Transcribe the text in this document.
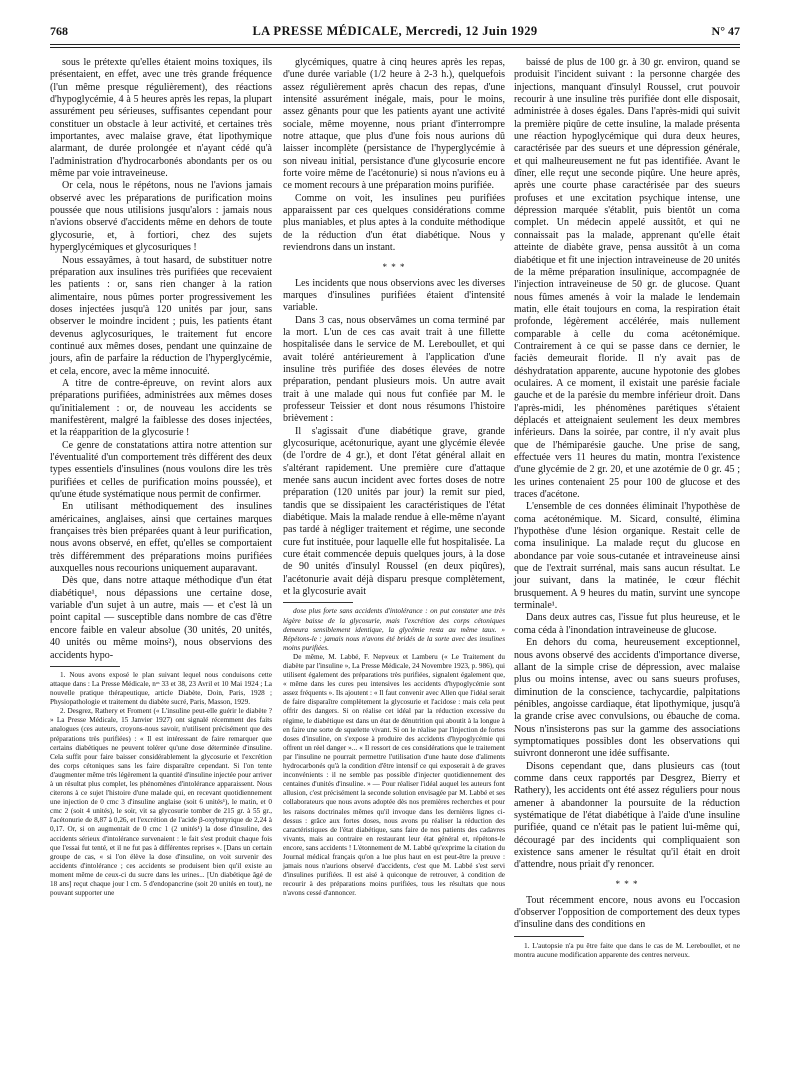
768	LA PRESSE MÉDICALE, Mercredi, 12 Juin 1929	N° 47

sous le prétexte qu'elles étaient moins toxiques, ils présentaient, en effet, avec une très grande fréquence (l'un même presque régulièrement), des réactions d'hypoglycémie, 4 à 5 heures après les repas, la plupart assurément peu sérieuses, suffisantes cependant pour constituer un obstacle à leur activité, et certaines très importantes, avec malaise grave, état lipothymique alarmant, de durée prolongée et n'ayant cédé qu'à l'administration d'hydrocarbonés abondants per os ou même par voie intraveineuse.

Or cela, nous le répétons, nous ne l'avions jamais observé avec les préparations de purification moins poussée que nous utilisions jusqu'alors : jamais nous n'avions observé d'accidents même en dehors de toute glycosurie, et, à fortiori, chez des sujets hyperglycémiques et glycosuriques !

Nous essayâmes, à tout hasard, de substituer notre préparation aux insulines très purifiées que recevaient les patients : or, sans rien changer à la ration alimentaire, nous pûmes porter progressivement les doses injectées jusqu'à 120 unités par jour, sans observer le moindre incident ; puis, les patients étant devenus aglycosuriques, le traitement fut encore continué aux mêmes doses, pendant une quinzaine de jours, afin de parfaire la réduction de l'hyperglycémie, et cela, encore, avec la même innocuité.

A titre de contre-épreuve, on revint alors aux préparations purifiées, administrées aux mêmes doses qu'initialement : or, de nouveau les accidents se manifestèrent, malgré la faiblesse des doses injectées, et la réapparition de la glycosurie !

Ce genre de constatations attira notre attention sur l'éventualité d'un comportement très différent des deux types essentiels d'insulines (nous voulons dire les très purifiées et celles de purification moins poussée), et qu'une étude systématique nous permit de confirmer.

En utilisant méthodiquement des insulines américaines, anglaises, ainsi que certaines marques françaises très bien préparées quant à leur purification, nous avons observé, en effet, qu'elles se comportaient très différemment des préparations moins purifiées auxquelles nous recourions uniquement auparavant.

Dès que, dans notre attaque méthodique d'un état diabétique¹, nous dépassions une certaine dose, variable d'un sujet à un autre, mais — et c'est là un point capital — susceptible dans nombre de cas d'être encore faible en valeur absolue (30 unités, 20 unités, 40 unités ou même moins²), nous observions des accidents hypo-

1. Nous avons exposé le plan suivant lequel nous conduisons cette attaque dans : La Presse Médicale, nᵒˢ 33 et 38, 23 Avril et 10 Mai 1924 ; La nouvelle pratique thérapeutique, article Diabète, Doin, Paris, 1928 ; Physiopathologie et traitement du diabète sucré, Paris, Masson, 1929.

2. Desgrez, Rathery et Froment (« L'insuline peut-elle guérir le diabète ? » La Presse Médicale, 15 Janvier 1927) ont signalé récemment des faits analogues (ces auteurs, croyons-nous savoir, n'utilisent précisément que des préparations très purifiées) : « Il est intéressant de faire remarquer que certains diabétiques ne peuvent tolérer qu'une dose déterminée d'insuline. Cela suffit pour faire baisser considérablement la glycosurie et l'excrétion des corps cétoniques sans les faire disparaître cependant. Si l'on tente d'augmenter même très légèrement la quantité d'insuline injectée pour arriver à un résultat plus complet, les phénomènes d'intolérance apparaissent. Nous citerons à ce sujet l'histoire d'une malade qui, en recevant quotidiennement une injection de 0 cmc 3 d'insuline anglaise (soit 6 unités¹), le matin, et 0 cmc 2 (soit 4 unités), le soir, vit sa glycosurie tomber de 215 gr. à 55 gr., l'acétonurie de 8,87 à 0,26, et l'excrétion de l'acide β-oxybutyrique de 2,24 à 0,17. Or, si on augmentait de 0 cmc 1 (2 unités¹) la dose d'insuline, des accidents sérieux d'intolérance survenaient : le fait s'est produit chaque fois que l'essai fut tenté, et il ne fut pas à différentes reprises ». [Dans un certain groupe de cas, « si l'on élève la dose d'insuline, on voit survenir des accidents d'intolérance ; ces accidents se produisent bien qu'il existe au moment même de ceux-ci du sucre dans les urines... [Un diabétique âgé de 18 ans] reçut chaque jour l cm. 5 d'endopancrine (soit 20 unités en tout), ne pouvant supporter une

glycémiques, quatre à cinq heures après les repas, d'une durée variable (1/2 heure à 2-3 h.), quelquefois assez régulièrement après chacun des repas, d'une intensité assurément inégale, mais, pour le moins, assez gênants pour que les patients ayant une activité sociale, même moyenne, nous priant d'interrompre notre attaque, que plus d'une fois nous aurions dû laisser incomplète (persistance de l'hyperglycémie à son niveau initial, persistance d'une glycosurie encore forte voire même de l'acétonurie) si nous n'avions eu à ce moment recours à une préparation moins purifiée.

Comme on voit, les insulines peu purifiées apparaissent par ces quelques considérations comme plus maniables, et plus aptes à la conduite méthodique de la réduction d'un état diabétique. Nous y reviendrons dans un instant.

* * *

Les incidents que nous observions avec les diverses marques d'insulines purifiées étaient d'intensité variable.

Dans 3 cas, nous observâmes un coma terminé par la mort. L'un de ces cas avait trait à une fillette hospitalisée dans le service de M. Lereboullet, et qui avait toléré antérieurement à l'application d'une insuline très purifiée des doses élevées de notre préparation, pendant plusieurs mois. Un autre avait trait à une malade qui nous fut confiée par M. le professeur Teissier et dont nous résumons l'histoire brièvement :

Il s'agissait d'une diabétique grave, grande glycosurique, acétonurique, ayant une glycémie élevée (de l'ordre de 4 gr.), et dont l'état général allait en s'altérant rapidement. Une première cure d'attaque menée sans aucun incident avec fortes doses de notre préparation (120 unités par jour) la remit sur pied, tandis que se dissipaient les caractéristiques de l'état diabétique. Mais la malade rendue à elle-même n'ayant pas tardé à négliger traitement et régime, une seconde cure fut instituée, pour laquelle elle fut hospitalisée. La cure était commencée depuis quelques jours, à la dose de 90 unités d'insulyl Roussel (en deux piqûres), l'acétonurie avait déjà disparu presque complètement, et la glycosurie avait

dose plus forte sans accidents d'intolérance : on put constater une très légère baisse de la glycosurie, mais l'excrétion des corps cétoniques demeura sensiblement identique, la glycémie resta au même taux. » Répétons-le : jamais nous n'avons été bridés de la sorte avec des insulines moins purifiées.

De même, M. Labbé, F. Nepveux et Lamberu (« Le Traitement du diabète par l'insuline », La Presse Médicale, 24 Novembre 1923, p. 986), qui utilisent également des préparations très purifiées, signalent également que, « même dans les cures peu intensives les accidents d'hypoglycémie sont assez fréquents ». Ils ajoutent : « Il faut convenir avec Allen que l'idéal serait de faire disparaître complètement la glycosurie et l'acidose : mais cela peut offrir des dangers. Si on réalise cet idéal par la réduction excessive du régime, le diabétique est dans un état de dénutrition qui aboutit à la longue à en faire une sorte de squelette vivant. Si on le réalise par l'injection de fortes doses d'insuline, on s'expose à produire des accidents d'hypoglycémie qui offrent un réel danger »... « Il ressort de ces considérations que le traitement par l'insuline ne pourrait permettre l'utilisation d'une haute dose d'aliments hydrocarbonés qu'à la condition d'être intensif ce qui exposerait à de graves inconvénients : il ne semble pas possible d'injecter quotidiennement des centaines d'unités d'insuline. » — Pour réaliser l'idéal auquel les auteurs font allusion, c'est précisément la seconde solution envisagée par M. Labbé et ses collaborateurs que nous avons adoptée dès nos premières recherches et pour les raisons doctrinales mêmes qu'il invoque dans les dernières lignes ci-dessus : grâce aux fortes doses, nous avons pu réaliser la réduction des caractéristiques de l'état diabétique, sans faire de nos patients des cadavres vivants, mais au contraire en restaurant leur état général et, répétons-le encore, sans accidents ! L'étonnement de M. Labbé qu'exprime la citation du Journal médical français qu'on a lue plus haut en est peut-être la preuve : jamais nous n'aurions observé d'accidents, c'est que M. Labbé s'est servi d'insulines purifiées. Il est aisé à quiconque de retrouver, à condition de recourir à des préparations moins purifiées, tous les résultats que nous n'avons cessé d'annoncer.

baissé de plus de 100 gr. à 30 gr. environ, quand se produisit l'incident suivant : la personne chargée des injections, manquant d'insulyl Roussel, crut pouvoir recourir à une insuline très purifiée dont elle disposait, administrée à doses égales. Dans l'après-midi qui suivit la première piqûre de cette insuline, la malade présenta une réaction hypoglycémique qui dura deux heures, caractérisée par des sueurs et une dépression générale, et qui malheureusement ne fut pas identifiée. Avant le dîner, elle reçut une seconde piqûre. Une heure après, après une courte phase caractérisée par des sueurs profuses et une excitation psychique intense, une dépression marquée s'établit, puis bientôt un coma complet. Un médecin appelé aussitôt, et qui ne connaissait pas la malade, apprenant qu'elle était atteinte de diabète grave, pensa aussitôt à un coma diabétique et fit une injection intraveineuse de 20 unités de la même préparation insulinique, accompagnée de l'injection intraveineuse de 50 gr. de glucose. Quant nous fûmes amenés à voir la malade le lendemain matin, elle était toujours en coma, la respiration était profonde, légèrement accélérée, mais nullement comparable à celle du coma acétonémique. Contrairement à ce qui se passe dans ce dernier, le faciès demeurait floride. Il n'y avait pas de déshydratation apparente, aucune hypotonie des globes oculaires. A ce moment, il existait une parésie faciale gauche et de la parésie du membre inférieur droit. Dans l'après-midi, les phénomènes parétiques s'étaient déplacés et atteignaient seulement les deux membres inférieurs. Dans la soirée, par contre, il n'y avait plus que de l'hémiparésie gauche. Une prise de sang, effectuée vers 11 heures du matin, montra l'existence d'une glycémie de 2 gr. 20, et une azotémie de 0 gr. 45 ; les urines contenaient 25 pour 100 de glucose et des traces d'acétone.

L'ensemble de ces données éliminait l'hypothèse de coma acétonémique. M. Sicard, consulté, élimina l'hypothèse d'une lésion organique. Restait celle de coma insulinique. La malade reçut du glucose en abondance par voie sous-cutanée et intraveineuse ainsi que de l'extrait surrénal, mais sans aucun résultat. Le jour suivant, dans la matinée, le cœur fléchit brusquement. A 9 heures du matin, survint une syncope terminale¹.

Dans deux autres cas, l'issue fut plus heureuse, et le coma céda à l'inondation intraveineuse de glucose.

En dehors du coma, heureusement exceptionnel, nous avons observé des accidents d'importance diverse, allant de la simple crise de dépression, avec malaise plus ou moins intense, avec ou sans sueurs profuses, diminution de la conscience, tachycardie, palpitations pénibles, angoisse cardiaque, état lipothymique, jusqu'à la grande crise avec convulsions, ou ébauche de coma. Nous n'insisterons pas sur la gamme des associations symptomatiques possibles dont les observations qui suivront donneront une idée suffisante.

Disons cependant que, dans plusieurs cas (tout comme dans ceux rapportés par Desgrez, Bierry et Rathery), les accidents ont été assez réguliers pour nous amener à abandonner la poursuite de la réduction systématique de l'état diabétique à l'aide d'une insuline purifiée, quand ce n'était pas le patient lui-même qui, découragé par des incidents qui compliquaient son existence sans amener le résultat qu'il était en droit d'attendre, nous priait d'y renoncer.

* * *

Tout récemment encore, nous avons eu l'occasion d'observer l'opposition de comportement des deux types d'insuline dans des conditions en

1. L'autopsie n'a pu être faite que dans le cas de M. Lereboullet, et ne montra aucune modification apparente des centres nerveux.
